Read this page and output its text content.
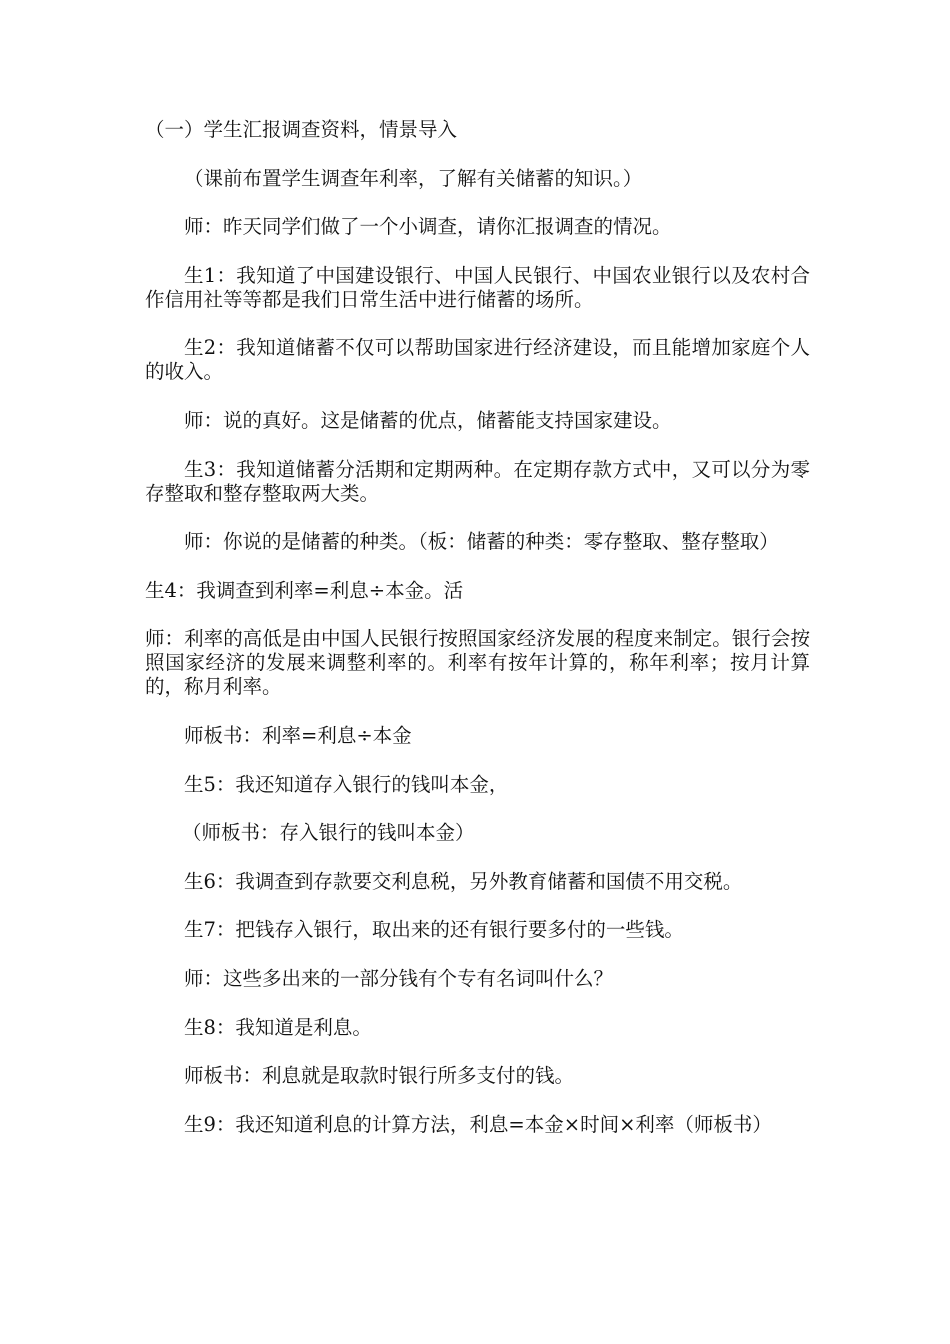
（一）学生汇报调查资料，情景导入

（课前布置学生调查年利率，了解有关储蓄的知识。）

师：昨天同学们做了一个小调查，请你汇报调查的情况。

生1：我知道了中国建设银行、中国人民银行、中国农业银行以及农村合作信用社等等都是我们日常生活中进行储蓄的场所。

生2：我知道储蓄不仅可以帮助国家进行经济建设，而且能增加家庭个人的收入。

师：说的真好。这是储蓄的优点，储蓄能支持国家建设。

生3：我知道储蓄分活期和定期两种。在定期存款方式中，又可以分为零存整取和整存整取两大类。

师：你说的是储蓄的种类。（板：储蓄的种类：零存整取、整存整取）

生4：我调查到利率=利息÷本金。活

师：利率的高低是由中国人民银行按照国家经济发展的程度来制定。银行会按照国家经济的发展来调整利率的。利率有按年计算的，称年利率；按月计算的，称月利率。

师板书：利率=利息÷本金

生5：我还知道存入银行的钱叫本金，

（师板书：存入银行的钱叫本金）

生6：我调查到存款要交利息税，另外教育储蓄和国债不用交税。

生7：把钱存入银行，取出来的还有银行要多付的一些钱。

师：这些多出来的一部分钱有个专有名词叫什么？

生8：我知道是利息。

师板书：利息就是取款时银行所多支付的钱。

生9：我还知道利息的计算方法，利息=本金×时间×利率（师板书）
